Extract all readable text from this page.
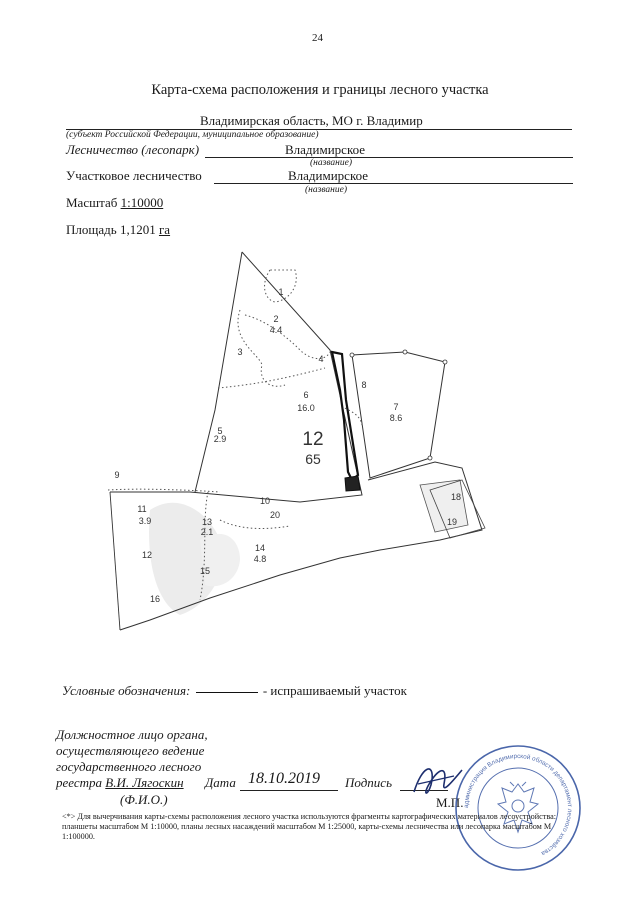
24
Карта-схема расположения и границы лесного участка
Владимирская область, МО г. Владимир
(субъект Российской Федерации, муниципальное образование)
Лесничество (лесопарк)	Владимирское
(название)
Участковое лесничество	Владимирское
(название)
Масштаб 1:10000
Площадь 1,1201 га
1
2
4.4
3
4
5
2.9
6
16.0	7
8.6
8
9
10
11
3.9
12
13
2.1
14
4.8
15
16
18
19
20
12
65
Условные обозначения:	- испрашиваемый участок
Должностное лицо органа,
осуществляющего ведение
государственного лесного
реестра В.И. Лягоскин
(Ф.И.О.)
Дата 18.10.2019 Подпись
М.П. администрация Владимирской области департамент лесного хозяйства
<*> Для вычерчивания карты-схемы расположения лесного участка используются фрагменты картографических материалов лесоустройства: планшеты масштабом М 1:10000, планы лесных насаждений масштабом М 1:25000, карты-схемы лесничества или лесопарка масштабом М 1:100000.
